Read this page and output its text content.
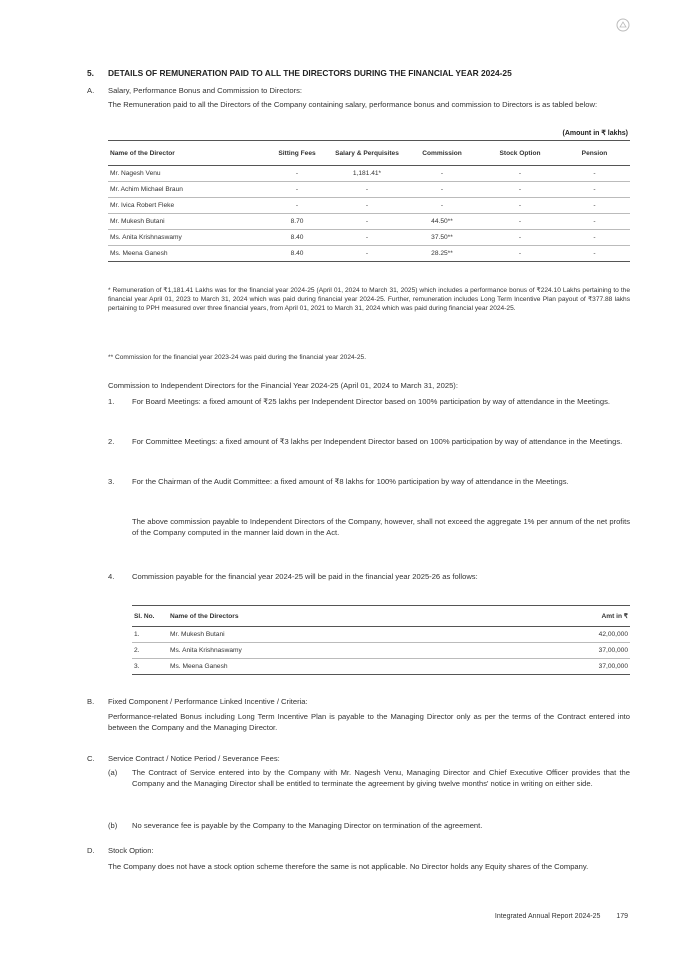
5. DETAILS OF REMUNERATION PAID TO ALL THE DIRECTORS DURING THE FINANCIAL YEAR 2024-25
A. Salary, Performance Bonus and Commission to Directors:
The Remuneration paid to all the Directors of the Company containing salary, performance bonus and commission to Directors is as tabled below:
(Amount in ₹ lakhs)
Name of the Director	Sitting Fees	Salary & Perquisites	Commission	Stock Option	Pension
Mr. Nagesh Venu	-	1,181.41*	-	-	-
Mr. Achim Michael Braun	-	-	-	-	-
Mr. Ivica Robert Fleke	-	-	-	-	-
Mr. Mukesh Butani	8.70	-	44.50**	-	-
Ms. Anita Krishnaswamy	8.40	-	37.50**	-	-
Ms. Meena Ganesh	8.40	-	28.25**	-	-
* Remuneration of ₹1,181.41 Lakhs was for the financial year 2024-25 (April 01, 2024 to March 31, 2025) which includes a performance bonus of ₹224.10 Lakhs pertaining to the financial year April 01, 2023 to March 31, 2024 which was paid during financial year 2024-25. Further, remuneration includes Long Term Incentive Plan payout of ₹377.88 lakhs pertaining to PPH measured over three financial years, from April 01, 2021 to March 31, 2024 which was paid during financial year 2024-25.
** Commission for the financial year 2023-24 was paid during the financial year 2024-25.
Commission to Independent Directors for the Financial Year 2024-25 (April 01, 2024 to March 31, 2025):
1. For Board Meetings: a fixed amount of ₹25 lakhs per Independent Director based on 100% participation by way of attendance in the Meetings.
2. For Committee Meetings: a fixed amount of ₹3 lakhs per Independent Director based on 100% participation by way of attendance in the Meetings.
3. For the Chairman of the Audit Committee: a fixed amount of ₹8 lakhs for 100% participation by way of attendance in the Meetings.
The above commission payable to Independent Directors of the Company, however, shall not exceed the aggregate 1% per annum of the net profits of the Company computed in the manner laid down in the Act.
4. Commission payable for the financial year 2024-25 will be paid in the financial year 2025-26 as follows:
Sl. No.	Name of the Directors	Amt in ₹
1.	Mr. Mukesh Butani	42,00,000
2.	Ms. Anita Krishnaswamy	37,00,000
3.	Ms. Meena Ganesh	37,00,000
B. Fixed Component / Performance Linked Incentive / Criteria:
Performance-related Bonus including Long Term Incentive Plan is payable to the Managing Director only as per the terms of the Contract entered into between the Company and the Managing Director.
C. Service Contract / Notice Period / Severance Fees:
(a) The Contract of Service entered into by the Company with Mr. Nagesh Venu, Managing Director and Chief Executive Officer provides that the Company and the Managing Director shall be entitled to terminate the agreement by giving twelve months' notice in writing on either side.
(b) No severance fee is payable by the Company to the Managing Director on termination of the agreement.
D. Stock Option:
The Company does not have a stock option scheme therefore the same is not applicable. No Director holds any Equity shares of the Company.
Integrated Annual Report 2024-25 179
